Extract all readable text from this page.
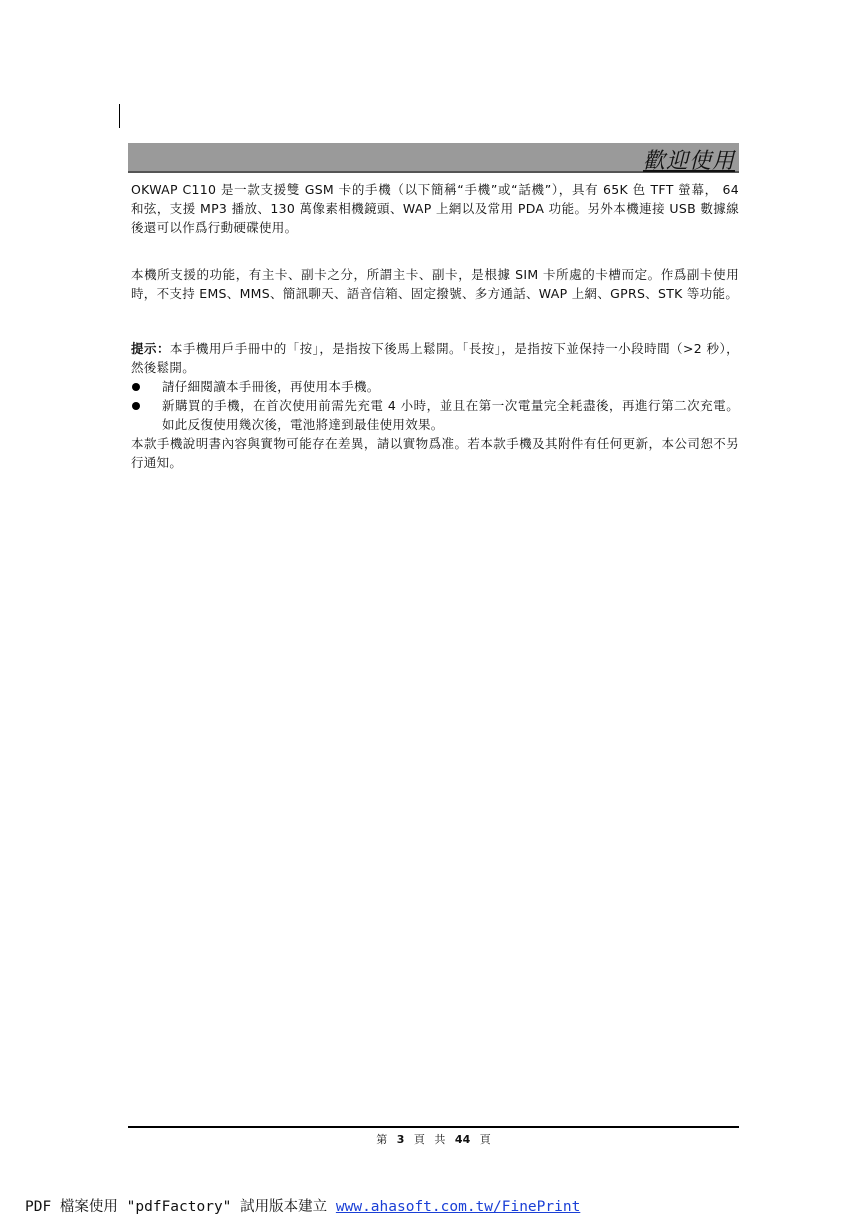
歡迎使用

OKWAP C110 是一款支援雙 GSM 卡的手機（以下簡稱“手機”或“話機”），具有 65K 色 TFT 螢幕， 64 和弦，支援 MP3 播放、130 萬像素相機鏡頭、WAP 上網以及常用 PDA 功能。另外本機連接 USB 數據線後還可以作爲行動硬碟使用。

本機所支援的功能，有主卡、副卡之分，所謂主卡、副卡，是根據 SIM 卡所處的卡槽而定。作爲副卡使用時，不支持 EMS、MMS、簡訊聊天、語音信箱、固定撥號、多方通話、WAP 上網、GPRS、STK 等功能。

提示：本手機用戶手冊中的「按」，是指按下後馬上鬆開。「長按」，是指按下並保持一小段時間（>2 秒），然後鬆開。

請仔細閱讀本手冊後，再使用本手機。
新購買的手機，在首次使用前需先充電 4 小時，並且在第一次電量完全耗盡後，再進行第二次充電。如此反復使用幾次後，電池將達到最佳使用效果。

本款手機說明書內容與實物可能存在差異，請以實物爲准。若本款手機及其附件有任何更新，本公司恕不另行通知。

第 3 頁 共 44 頁
PDF 檔案使用 "pdfFactory" 試用版本建立 www.ahasoft.com.tw/FinePrint
